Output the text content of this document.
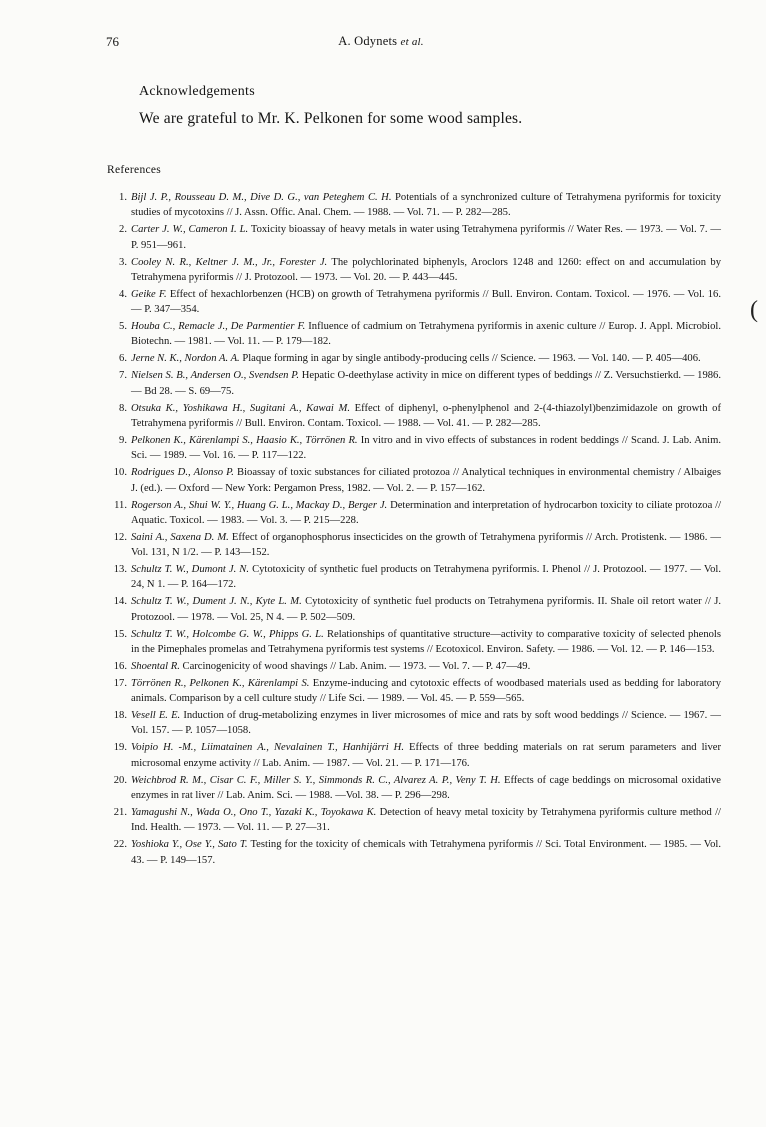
76	A. Odynets et al.
Acknowledgements
We are grateful to Mr. K. Pelkonen for some wood samples.
(
References
1. Bijl J. P., Rousseau D. M., Dive D. G., van Peteghem C. H. Potentials of a synchronized culture of Tetrahymena pyriformis for toxicity studies of mycotoxins // J. Assn. Offic. Anal. Chem. — 1988. — Vol. 71. — P. 282—285.
2. Carter J. W., Cameron I. L. Toxicity bioassay of heavy metals in water using Tetrahymena pyriformis // Water Res. — 1973. — Vol. 7. — P. 951—961.
3. Cooley N. R., Keltner J. M., Jr., Forester J. The polychlorinated biphenyls, Aroclors 1248 and 1260: effect on and accumulation by Tetrahymena pyriformis // J. Protozool. — 1973. — Vol. 20. — P. 443—445.
4. Geike F. Effect of hexachlorbenzen (HCB) on growth of Tetrahymena pyriformis // Bull. Environ. Contam. Toxicol. — 1976. — Vol. 16. — P. 347—354.
5. Houba C., Remacle J., De Parmentier F. Influence of cadmium on Tetrahymena pyriformis in axenic culture // Europ. J. Appl. Microbiol. Biotechn. — 1981. — Vol. 11. — P. 179—182.
6. Jerne N. K., Nordon A. A. Plaque forming in agar by single antibody-producing cells // Science. — 1963. — Vol. 140. — P. 405—406.
7. Nielsen S. B., Andersen O., Svendsen P. Hepatic O-deethylase activity in mice on different types of beddings // Z. Versuchstierkd. — 1986. — Bd 28. — S. 69—75.
8. Otsuka K., Yoshikawa H., Sugitani A., Kawai M. Effect of diphenyl, o-phenylphenol and 2-(4-thiazolyl)benzimidazole on growth of Tetrahymena pyriformis // Bull. Environ. Contam. Toxicol. — 1988. — Vol. 41. — P. 282—285.
9. Pelkonen K., Kärenlampi S., Haasio K., Törrönen R. In vitro and in vivo effects of substances in rodent beddings // Scand. J. Lab. Anim. Sci. — 1989. — Vol. 16. — P. 117—122.
10. Rodrigues D., Alonso P. Bioassay of toxic substances for ciliated protozoa // Analytical techniques in environmental chemistry / Albaiges J. (ed.). — Oxford — New York: Pergamon Press, 1982. — Vol. 2. — P. 157—162.
11. Rogerson A., Shui W. Y., Huang G. L., Mackay D., Berger J. Determination and interpretation of hydrocarbon toxicity to ciliate protozoa // Aquatic. Toxicol. — 1983. — Vol. 3. — P. 215—228.
12. Saini A., Saxena D. M. Effect of organophosphorus insecticides on the growth of Tetrahymena pyriformis // Arch. Protistenk. — 1986. — Vol. 131, N 1/2. — P. 143—152.
13. Schultz T. W., Dumont J. N. Cytotoxicity of synthetic fuel products on Tetrahymena pyriformis. I. Phenol // J. Protozool. — 1977. — Vol. 24, N 1. — P. 164—172.
14. Schultz T. W., Dument J. N., Kyte L. M. Cytotoxicity of synthetic fuel products on Tetrahymena pyriformis. II. Shale oil retort water // J. Protozool. — 1978. — Vol. 25, N 4. — P. 502—509.
15. Schultz T. W., Holcombe G. W., Phipps G. L. Relationships of quantitative structure—activity to comparative toxicity of selected phenols in the Pimephales promelas and Tetrahymena pyriformis test systems // Ecotoxicol. Environ. Safety. — 1986. — Vol. 12. — P. 146—153.
16. Shoental R. Carcinogenicity of wood shavings // Lab. Anim. — 1973. — Vol. 7. — P. 47—49.
17. Törrönen R., Pelkonen K., Kärenlampi S. Enzyme-inducing and cytotoxic effects of woodbased materials used as bedding for laboratory animals. Comparison by a cell culture study // Life Sci. — 1989. — Vol. 45. — P. 559—565.
18. Vesell E. E. Induction of drug-metabolizing enzymes in liver microsomes of mice and rats by soft wood beddings // Science. — 1967. — Vol. 157. — P. 1057—1058.
19. Voipio H. -M., Liimatainen A., Nevalainen T., Hanhijärri H. Effects of three bedding materials on rat serum parameters and liver microsomal enzyme activity // Lab. Anim. — 1987. — Vol. 21. — P. 171—176.
20. Weichbrod R. M., Cisar C. F., Miller S. Y., Simmonds R. C., Alvarez A. P., Veny T. H. Effects of cage beddings on microsomal oxidative enzymes in rat liver // Lab. Anim. Sci. — 1988. —Vol. 38. — P. 296—298.
21. Yamagushi N., Wada O., Ono T., Yazaki K., Toyokawa K. Detection of heavy metal toxicity by Tetrahymena pyriformis culture method // Ind. Health. — 1973. — Vol. 11. — P. 27—31.
22. Yoshioka Y., Ose Y., Sato T. Testing for the toxicity of chemicals with Tetrahymena pyriformis // Sci. Total Environment. — 1985. — Vol. 43. — P. 149—157.
